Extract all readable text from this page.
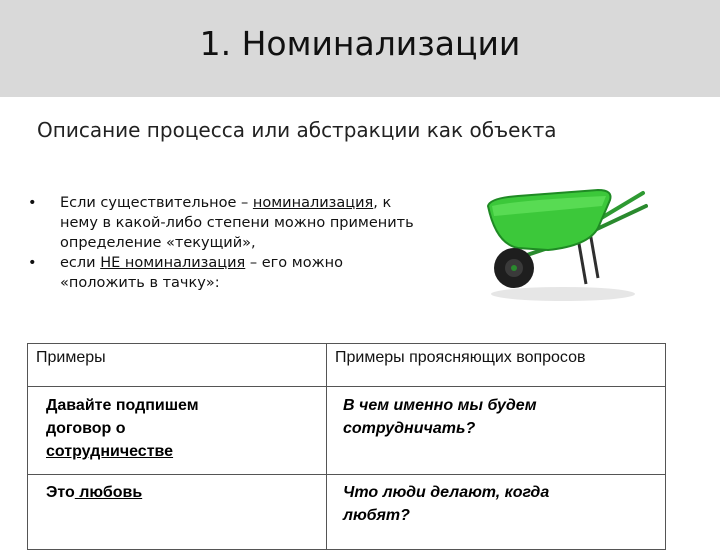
1. Номинализации
Описание процесса или абстракции как объекта
• Если существительное – номинализация, к
нему в какой-либо степени можно применить
определение «текущий»,
• если НЕ номинализация – его можно
«положить в тачку»:
Примеры	Примеры проясняющих вопросов

Давайте подпишем
договор о
сотрудничестве	В чем именно мы будем
сотрудничать?
Это любовь	Что люди делают, когда
любят?
